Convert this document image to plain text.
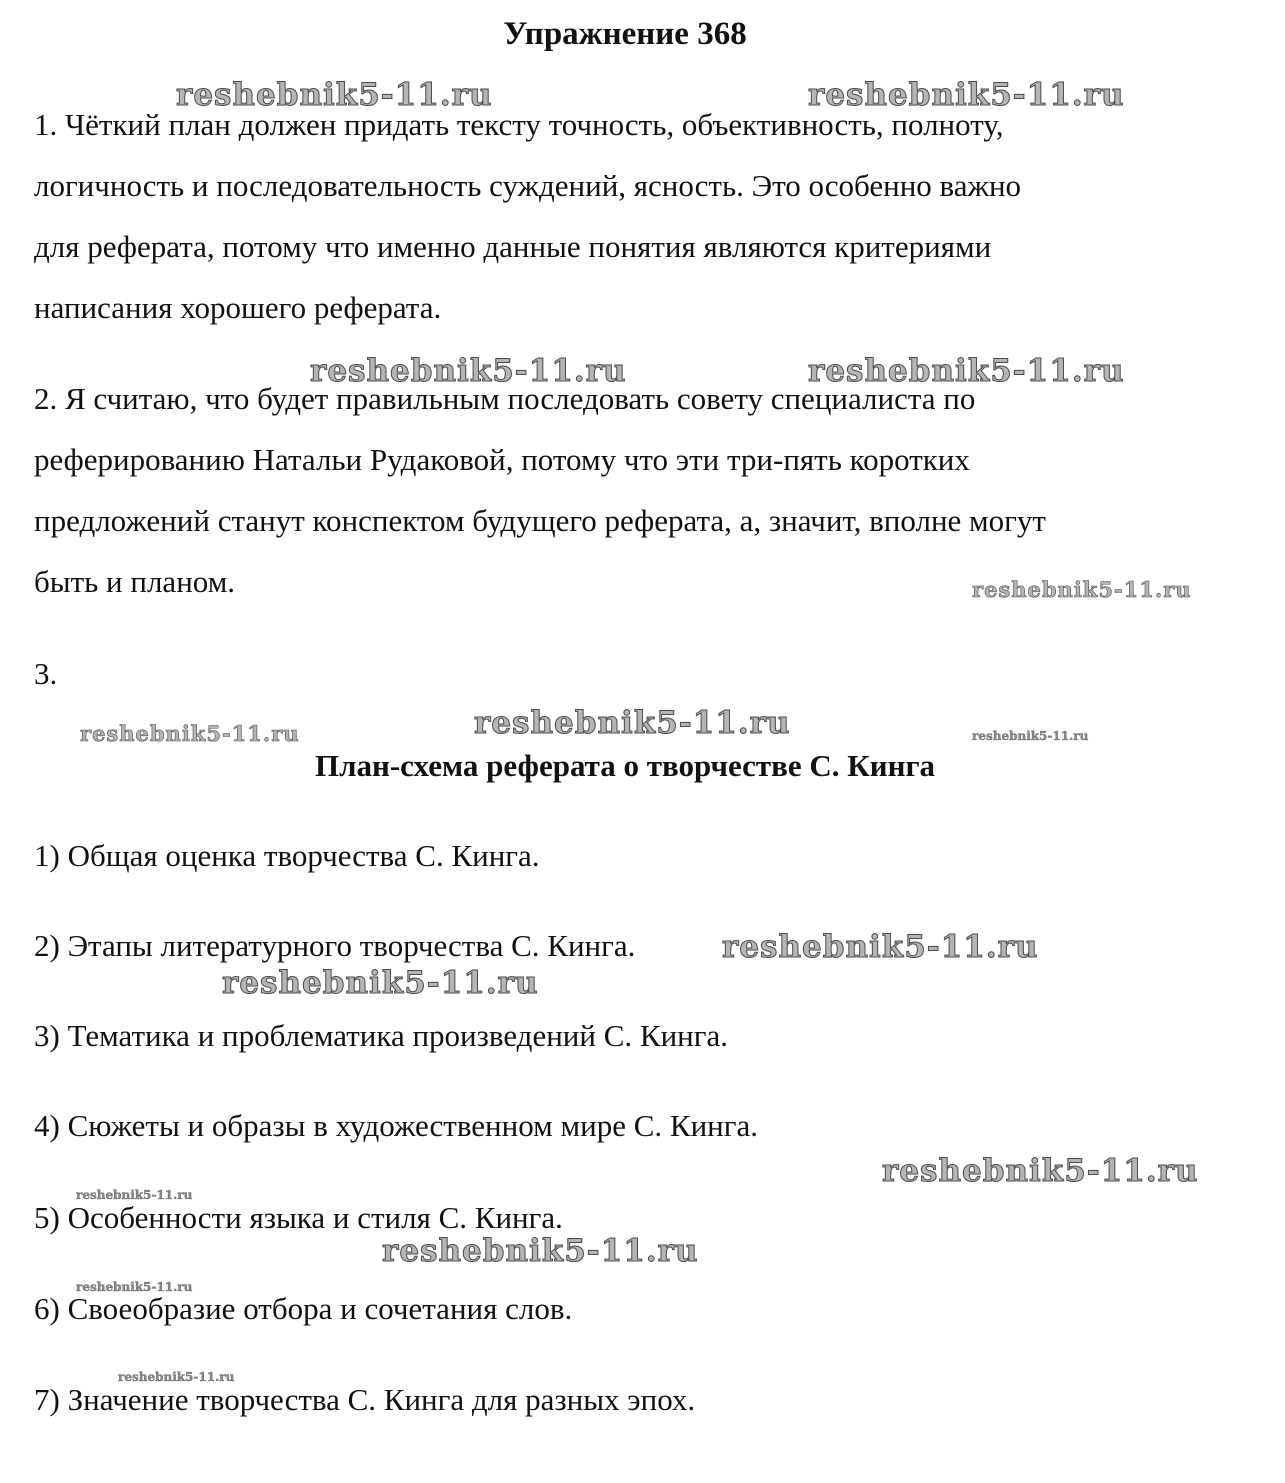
Упражнение 368

1. Чёткий план должен придать тексту точность, объективность, полноту,
логичность и последовательность суждений, ясность. Это особенно важно
для реферата, потому что именно данные понятия являются критериями
написания хорошего реферата.

2. Я считаю, что будет правильным последовать совету специалиста по
реферированию Натальи Рудаковой, потому что эти три-пять коротких
предложений станут конспектом будущего реферата, а, значит, вполне могут
быть и планом.

3.
План-схема реферата о творчестве С. Кинга
1) Общая оценка творчества С. Кинга.
2) Этапы литературного творчества С. Кинга.
3) Тематика и проблематика произведений С. Кинга.
4) Сюжеты и образы в художественном мире С. Кинга.
5) Особенности языка и стиля С. Кинга.
6) Своеобразие отбора и сочетания слов.
7) Значение творчества С. Кинга для разных эпох.
reshebnik5-11.ru	reshebnik5-11.ru
reshebnik5-11.ru	reshebnik5-11.ru
reshebnik5-11.ru
reshebnik5-11.ru
reshebnik5-11.ru	reshebnik5-11.ru
reshebnik5-11.ru
reshebnik5-11.ru
reshebnik5-11.ru
reshebnik5-11.ru
reshebnik5-11.ru
reshebnik5-11.ru
reshebnik5-11.ru
